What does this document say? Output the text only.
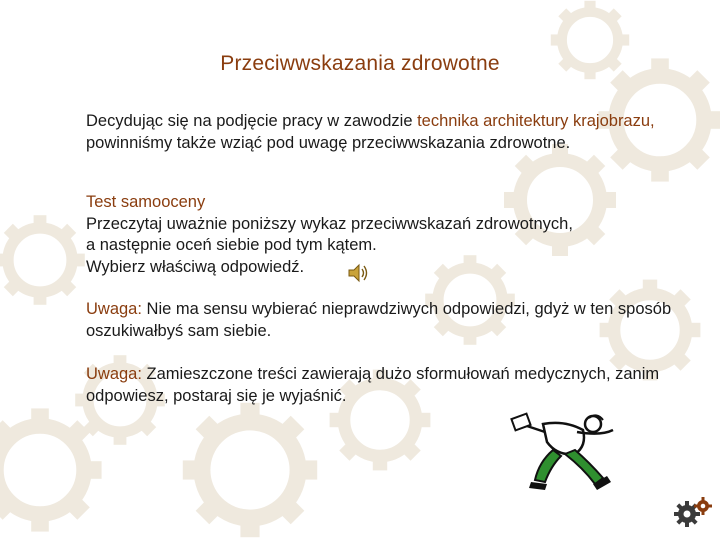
Przeciwwskazania zdrowotne
Decydując się na podjęcie pracy w zawodzie technika architektury krajobrazu, powinniśmy także wziąć pod uwagę przeciwwskazania zdrowotne.
Test samooceny
Przeczytaj uważnie poniższy wykaz przeciwwskazań zdrowotnych,
a następnie oceń siebie pod tym kątem.
Wybierz właściwą odpowiedź.
Uwaga: Nie ma sensu wybierać nieprawdziwych odpowiedzi, gdyż w ten sposób oszukiwałbyś sam siebie.
Uwaga: Zamieszczone treści zawierają dużo sformułowań medycznych, zanim odpowiesz, postaraj się je wyjaśnić.
